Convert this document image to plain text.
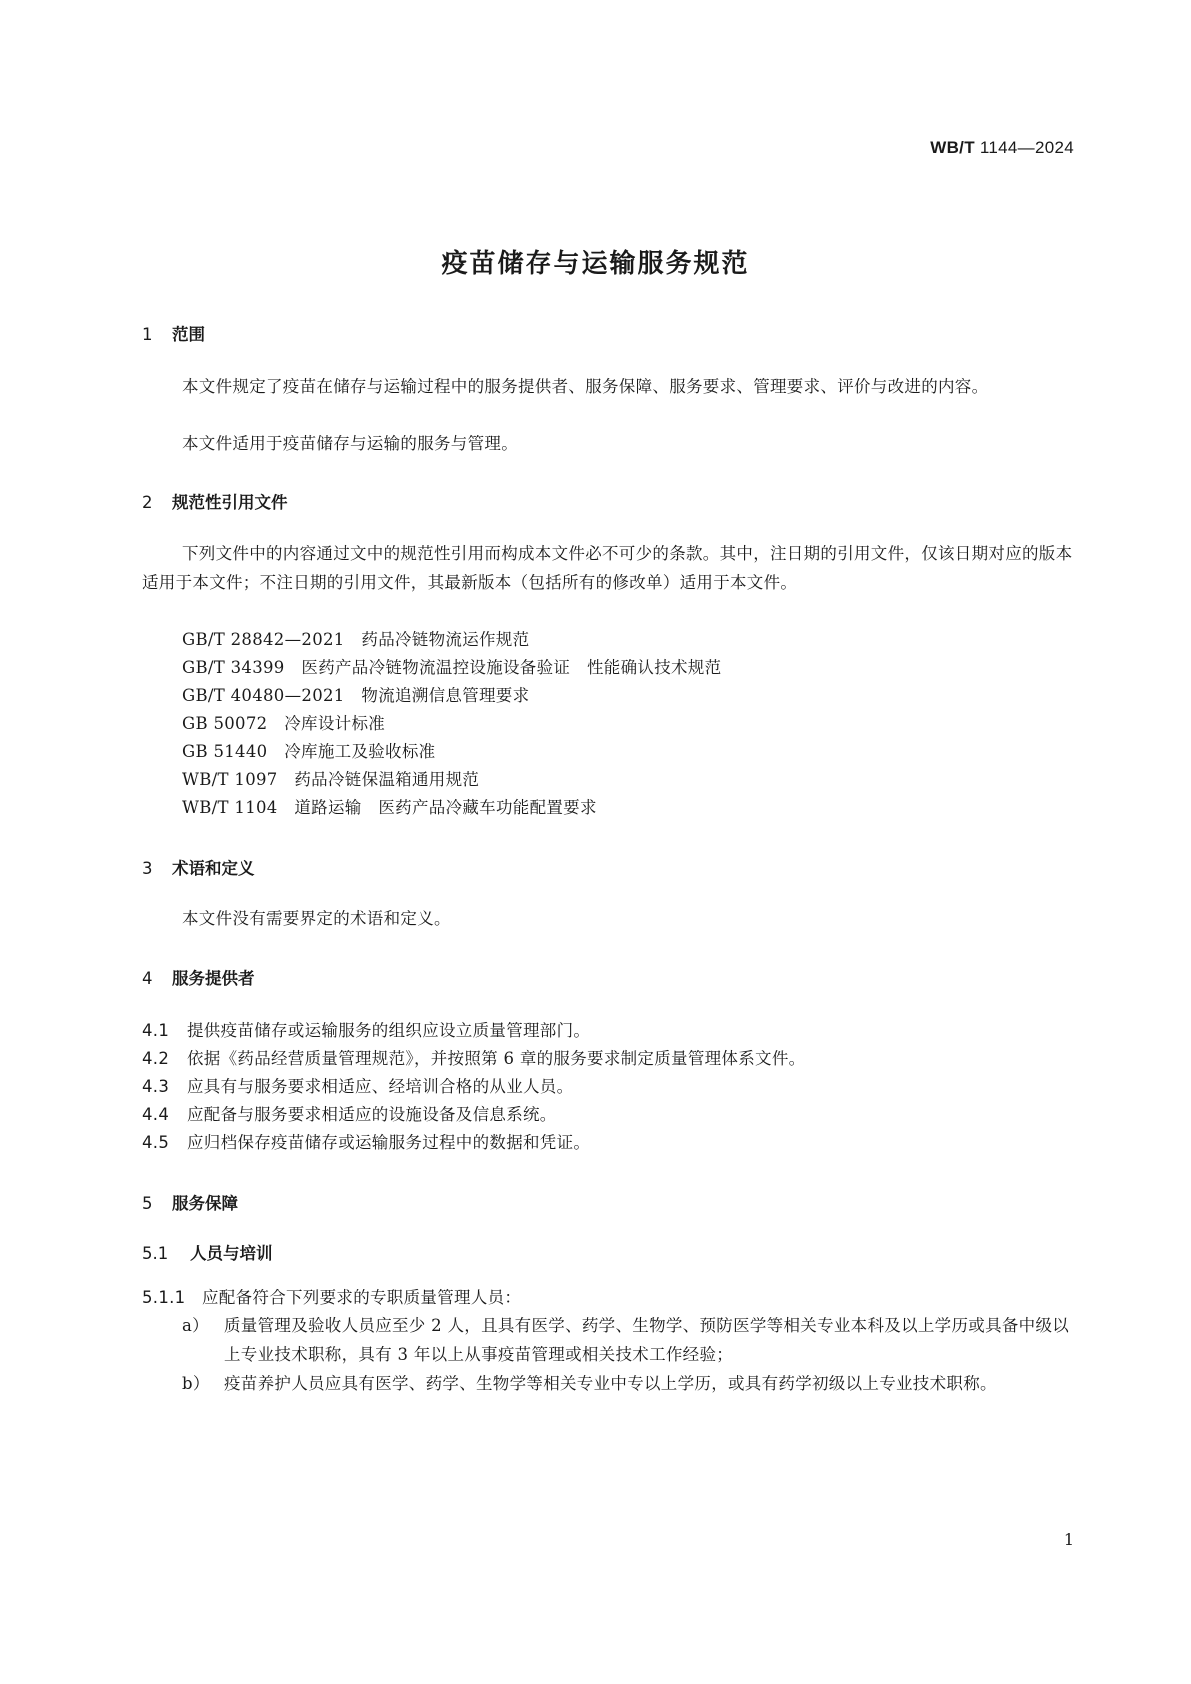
WB/T 1144—2024
疫苗储存与运输服务规范
1 范围
本文件规定了疫苗在储存与运输过程中的服务提供者、服务保障、服务要求、管理要求、评价与改进的内容。
本文件适用于疫苗储存与运输的服务与管理。
2 规范性引用文件
下列文件中的内容通过文中的规范性引用而构成本文件必不可少的条款。其中，注日期的引用文件，仅该日期对应的版本适用于本文件；不注日期的引用文件，其最新版本（包括所有的修改单）适用于本文件。
GB/T 28842—2021　药品冷链物流运作规范
GB/T 34399　医药产品冷链物流温控设施设备验证　性能确认技术规范
GB/T 40480—2021　物流追溯信息管理要求
GB 50072　冷库设计标准
GB 51440　冷库施工及验收标准
WB/T 1097　药品冷链保温箱通用规范
WB/T 1104　道路运输　医药产品冷藏车功能配置要求
3 术语和定义
本文件没有需要界定的术语和定义。
4 服务提供者
4.1 提供疫苗储存或运输服务的组织应设立质量管理部门。
4.2 依据《药品经营质量管理规范》，并按照第 6 章的服务要求制定质量管理体系文件。
4.3 应具有与服务要求相适应、经培训合格的从业人员。
4.4 应配备与服务要求相适应的设施设备及信息系统。
4.5 应归档保存疫苗储存或运输服务过程中的数据和凭证。
5 服务保障
5.1 人员与培训
5.1.1 应配备符合下列要求的专职质量管理人员：
a） 质量管理及验收人员应至少 2 人，且具有医学、药学、生物学、预防医学等相关专业本科及以上学历或具备中级以上专业技术职称，具有 3 年以上从事疫苗管理或相关技术工作经验；
b） 疫苗养护人员应具有医学、药学、生物学等相关专业中专以上学历，或具有药学初级以上专业技术职称。
1
